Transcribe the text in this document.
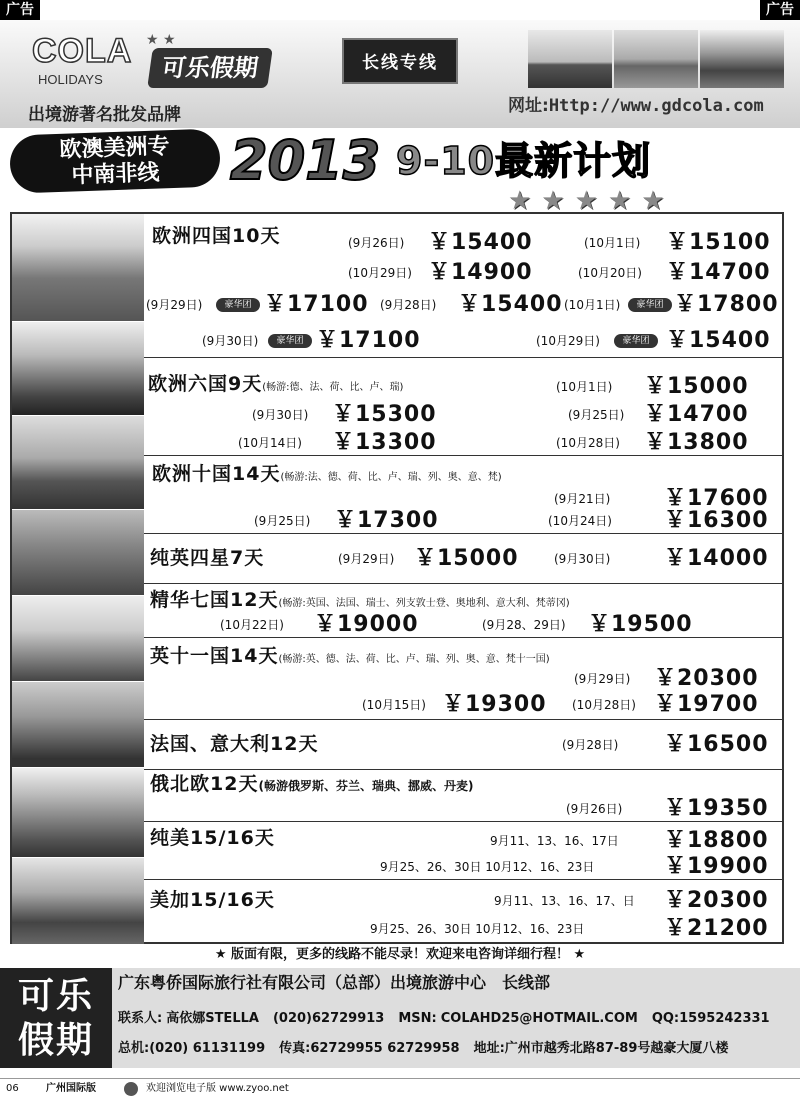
广告	广告
COLA
HOLIDAYS
★ ★
可乐假期
出境游著名批发品牌
长线专线
网址:Http://www.gdcola.com
欧澳美洲专
中南非线	2013 9-10最新计划
★★★★★
欧洲四国10天	(9月26日) ￥15400	(10月1日) ￥15100
(10月29日) ￥14900	(10月20日) ￥14700
(9月29日)	豪华团 ￥17100 (9月28日) ￥15400 (10月1日)	豪华团 ￥17800
(9月30日)	豪华团 ￥17100	(10月29日)	豪华团 ￥15400
欧洲六国9天(畅游:德、法、荷、比、卢、瑞)	(10月1日) ￥15000
(9月30日) ￥15300	(9月25日) ￥14700
(10月14日) ￥13300	(10月28日) ￥13800
欧洲十国14天(畅游:法、德、荷、比、卢、瑞、列、奥、意、梵)
(9月21日) ￥17600
(9月25日) ￥17300	(10月24日) ￥16300
纯英四星7天	(9月29日) ￥15000	(9月30日) ￥14000
精华七国12天(畅游:英国、法国、瑞士、列支敦士登、奥地利、意大利、梵蒂冈)
(10月22日) ￥19000	(9月28、29日) ￥19500
英十一国14天(畅游:英、德、法、荷、比、卢、瑞、列、奥、意、梵十一国)
(9月29日) ￥20300
(10月15日) ￥19300 (10月28日) ￥19700
法国、意大利12天	(9月28日) ￥16500
俄北欧12天(畅游俄罗斯、芬兰、瑞典、挪威、丹麦)
(9月26日) ￥19350
纯美15/16天	9月11、13、16、17日 ￥18800
9月25、26、30日 10月12、16、23日	￥19900
美加15/16天	9月11、13、16、17、日 ￥20300
9月25、26、30日 10月12、16、23日	￥21200
★ 版面有限，更多的线路不能尽录！欢迎来电咨询详细行程！ ★
可乐
假期
广东粤侨国际旅行社有限公司（总部）出境旅游中心　长线部
联系人: 高依娜STELLA (020)62729913 MSN: COLAHD25@HOTMAIL.COM QQ:1595242331
总机:(020) 61131199 传真:62729955 62729958 地址:广州市越秀北路87-89号越豪大厦八楼
06	广州国际版	欢迎浏览电子版 www.zyoo.net
